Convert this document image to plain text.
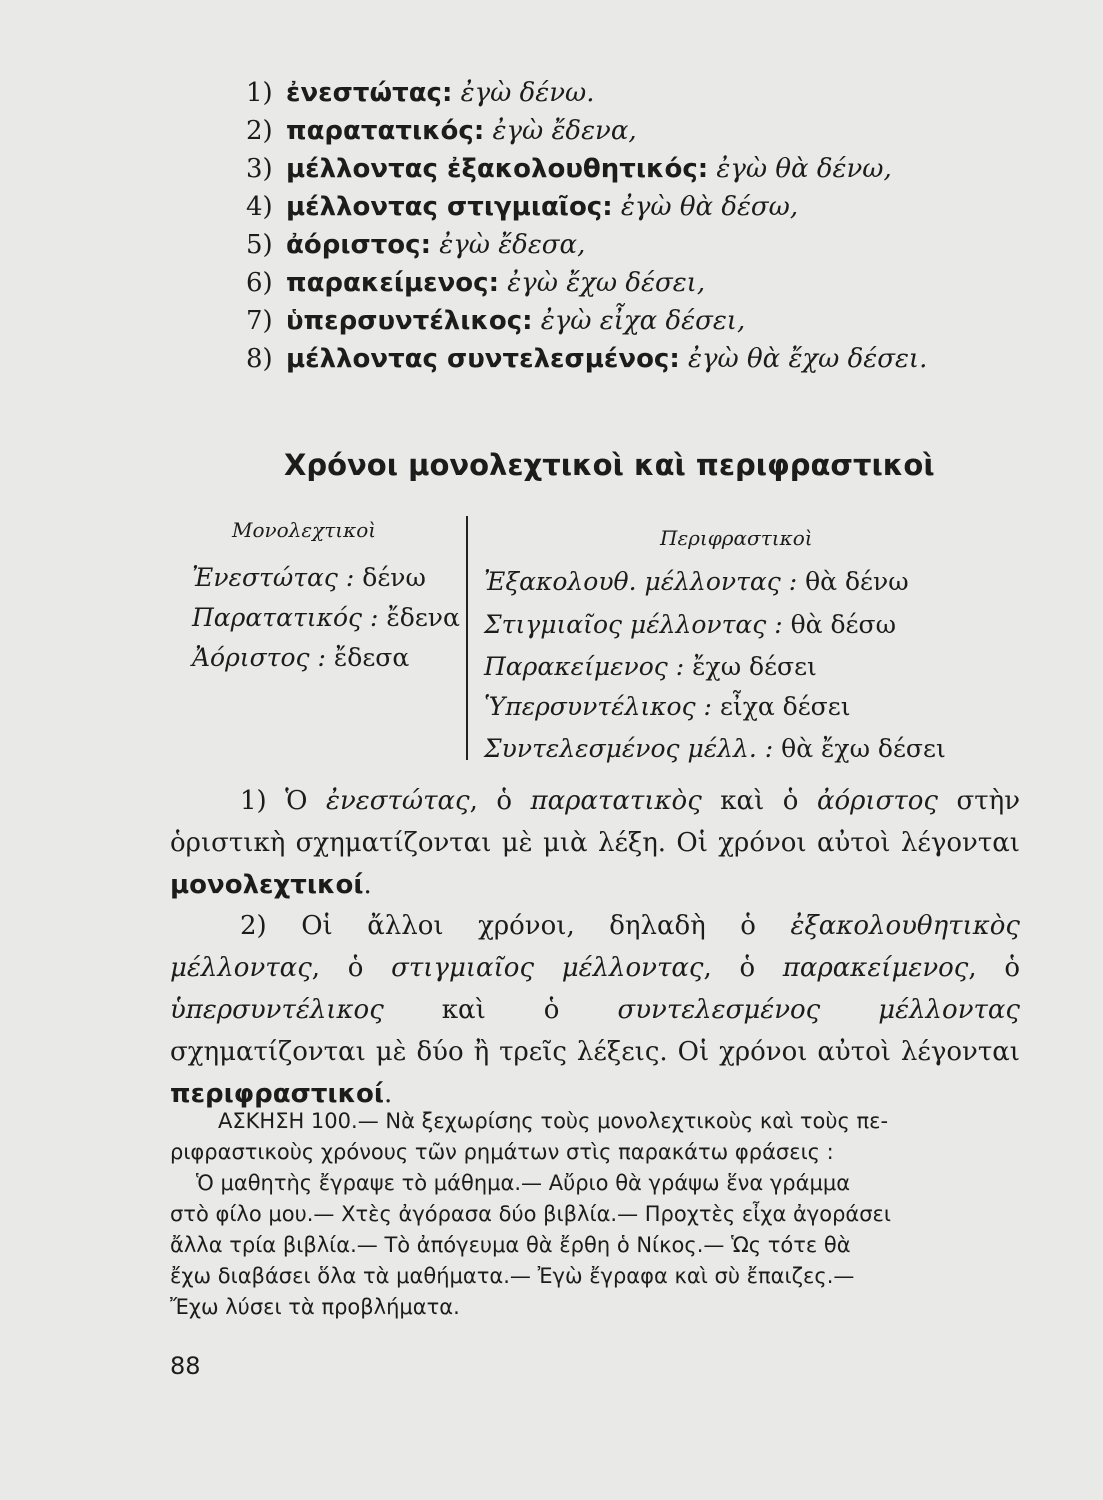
1) ἐνεστώτας: ἐγὼ δένω.
2) παρατατικός: ἐγὼ ἔδενα,
3) μέλλοντας ἐξακολουθητικός: ἐγὼ θὰ δένω,
4) μέλλοντας στιγμιαῖος: ἐγὼ θὰ δέσω,
5) ἀόριστος: ἐγὼ ἔδεσα,
6) παρακείμενος: ἐγὼ ἔχω δέσει,
7) ὑπερσυντέλικος: ἐγὼ εἶχα δέσει,
8) μέλλοντας συντελεσμένος: ἐγὼ θὰ ἔχω δέσει.
Χρόνοι μονολεχτικοὶ καὶ περιφραστικοὶ
Μονολεχτικοὶ	Περιφραστικοὶ
Ἐνεστώτας : δένω
Παρατατικός : ἔδενα
Ἀόριστος : ἔδεσα
Ἐξακολουθ. μέλλοντας : θὰ δένω
Στιγμιαῖος μέλλοντας : θὰ δέσω
Παρακείμενος : ἔχω δέσει
Ὑπερσυντέλικος : εἶχα δέσει
Συντελεσμένος μέλλ. : θὰ ἔχω δέσει
1) Ὁ ἐνεστώτας, ὁ παρατατικὸς καὶ ὁ ἀόριστος στὴν ὁριστικὴ σχηματίζονται μὲ μιὰ λέξη. Οἱ χρόνοι αὐτοὶ λέγονται μονολεχτικοί.
2) Οἱ ἄλλοι χρόνοι, δηλαδὴ ὁ ἐξακολουθητικὸς μέλλοντας, ὁ στιγμιαῖος μέλλοντας, ὁ παρακείμενος, ὁ ὑπερσυντέλικος καὶ ὁ συντελεσμένος μέλλοντας σχηματίζονται μὲ δύο ἢ τρεῖς λέξεις. Οἱ χρόνοι αὐτοὶ λέγονται περιφραστικοί.
ΑΣΚΗΣΗ 100.— Νὰ ξεχωρίσης τοὺς μονολεχτικοὺς καὶ τοὺς πε-
ριφραστικοὺς χρόνους τῶν ρημάτων στὶς παρακάτω φράσεις :
Ὁ μαθητὴς ἔγραψε τὸ μάθημα.— Αὔριο θὰ γράψω ἕνα γράμμα
στὸ φίλο μου.— Χτὲς ἀγόρασα δύο βιβλία.— Προχτὲς εἶχα ἀγοράσει
ἄλλα τρία βιβλία.— Τὸ ἀπόγευμα θὰ ἔρθη ὁ Νίκος.— Ὡς τότε θὰ
ἔχω διαβάσει ὅλα τὰ μαθήματα.— Ἐγὼ ἔγραφα καὶ σὺ ἔπαιζες.—
Ἔχω λύσει τὰ προβλήματα.
88
